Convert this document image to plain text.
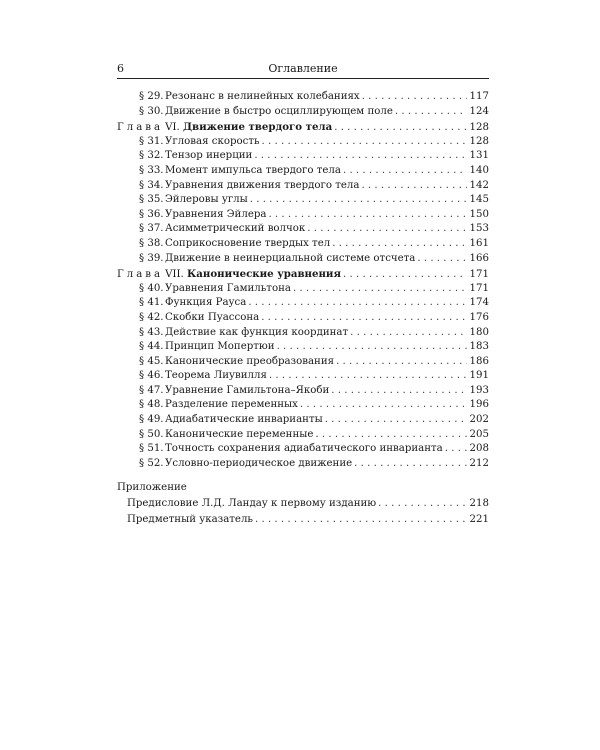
6	Оглавление
§ 29. Резонанс в нелинейных колебаниях . . .	117
§ 30. Движение в быстро осциллирующем поле . . .	124
Глава VI. Движение твердого тела . . .	128
§ 31. Угловая скорость . . .	128
§ 32. Тензор инерции . . .	131
§ 33. Момент импульса твердого тела . . .	140
§ 34. Уравнения движения твердого тела . . .	142
§ 35. Эйлеровы углы . . .	145
§ 36. Уравнения Эйлера . . .	150
§ 37. Асимметрический волчок . . .	153
§ 38. Соприкосновение твердых тел . . .	161
§ 39. Движение в неинерциальной системе отсчета . . .	166
Глава VII. Канонические уравнения . . .	171
§ 40. Уравнения Гамильтона . . .	171
§ 41. Функция Рауса . . .	174
§ 42. Скобки Пуассона . . .	176
§ 43. Действие как функция координат . . .	180
§ 44. Принцип Мопертюи . . .	183
§ 45. Канонические преобразования . . .	186
§ 46. Теорема Лиувилля . . .	191
§ 47. Уравнение Гамильтона–Якоби . . .	193
§ 48. Разделение переменных . . .	196
§ 49. Адиабатические инварианты . . .	202
§ 50. Канонические переменные . . .	205
§ 51. Точность сохранения адиабатического инварианта . . .	208
§ 52. Условно-периодическое движение . . .	212
Приложение
Предисловие Л.Д. Ландау к первому изданию . . .	218
Предметный указатель . . .	221
